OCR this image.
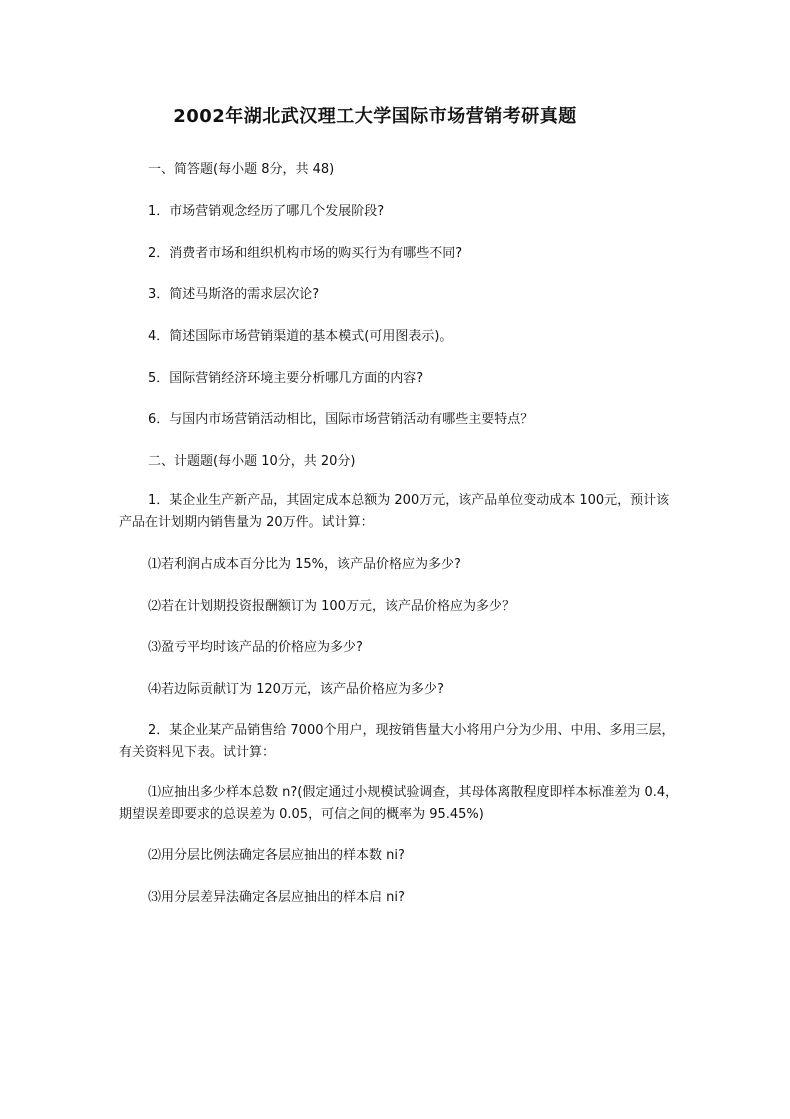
2002年湖北武汉理工大学国际市场营销考研真题
一、简答题(每小题 8分，共 48)
1．市场营销观念经历了哪几个发展阶段?
2．消费者市场和组织机构市场的购买行为有哪些不同?
3．简述马斯洛的需求层次论?
4．简述国际市场营销渠道的基本模式(可用图表示)。
5．国际营销经济环境主要分析哪几方面的内容?
6．与国内市场营销活动相比，国际市场营销活动有哪些主要特点？
二、计题题(每小题 10分，共 20分)
1．某企业生产新产品，其固定成本总额为 200万元，该产品单位变动成本 100元，预计该产品在计划期内销售量为 20万件。试计算：
⑴若利润占成本百分比为 15%，该产品价格应为多少?
⑵若在计划期投资报酬额订为 100万元，该产品价格应为多少？
⑶盈亏平均时该产品的价格应为多少?
⑷若边际贡献订为 120万元，该产品价格应为多少?
2．某企业某产品销售给 7000个用户，现按销售量大小将用户分为少用、中用、多用三层，有关资料见下表。试计算：
⑴应抽出多少样本总数 n?(假定通过小规模试验调查，其母体离散程度即样本标准差为 0.4，期望误差即要求的总误差为 0.05，可信之间的概率为 95.45%)
⑵用分层比例法确定各层应抽出的样本数 ni?
⑶用分层差异法确定各层应抽出的样本启 ni?
